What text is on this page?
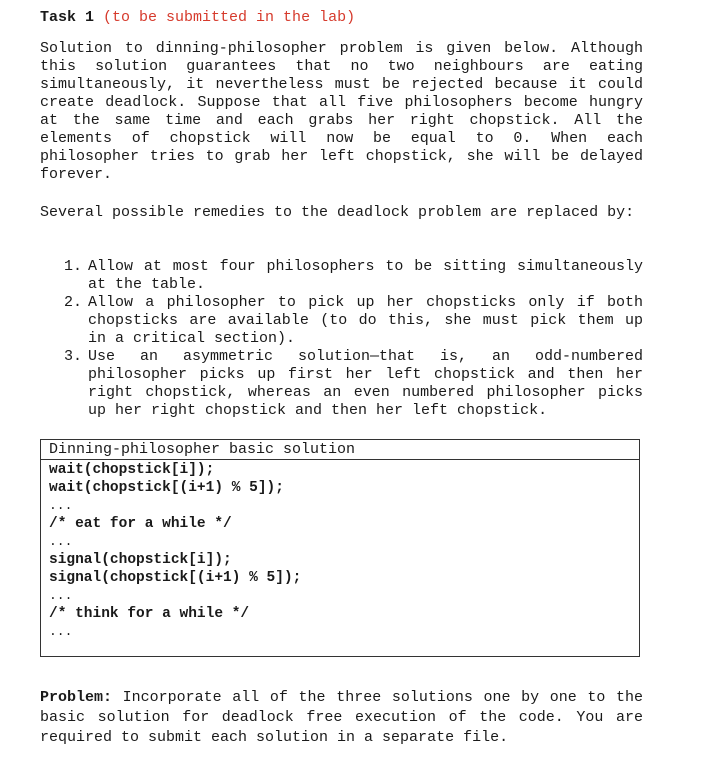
Task 1 (to be submitted in the lab)

Solution to dinning-philosopher problem is given below. Although this solution guarantees that no two neighbours are eating simultaneously, it nevertheless must be rejected because it could create deadlock. Suppose that all five philosophers become hungry at the same time and each grabs her right chopstick. All the elements of chopstick will now be equal to 0. When each philosopher tries to grab her left chopstick, she will be delayed forever.

Several possible remedies to the deadlock problem are replaced by:

1. Allow at most four philosophers to be sitting simultaneously at the table.
2. Allow a philosopher to pick up her chopsticks only if both chopsticks are available (to do this, she must pick them up in a critical section).
3. Use an asymmetric solution—that is, an odd-numbered philosopher picks up first her left chopstick and then her right chopstick, whereas an even numbered philosopher picks up her right chopstick and then her left chopstick.
Dinning-philosopher basic solution
wait(chopstick[i]);
wait(chopstick[(i+1) % 5]);
...
/* eat for a while */
...
signal(chopstick[i]);
signal(chopstick[(i+1) % 5]);
...
/* think for a while */
...

Problem: Incorporate all of the three solutions one by one to the basic solution for deadlock free execution of the code. You are required to submit each solution in a separate file.
